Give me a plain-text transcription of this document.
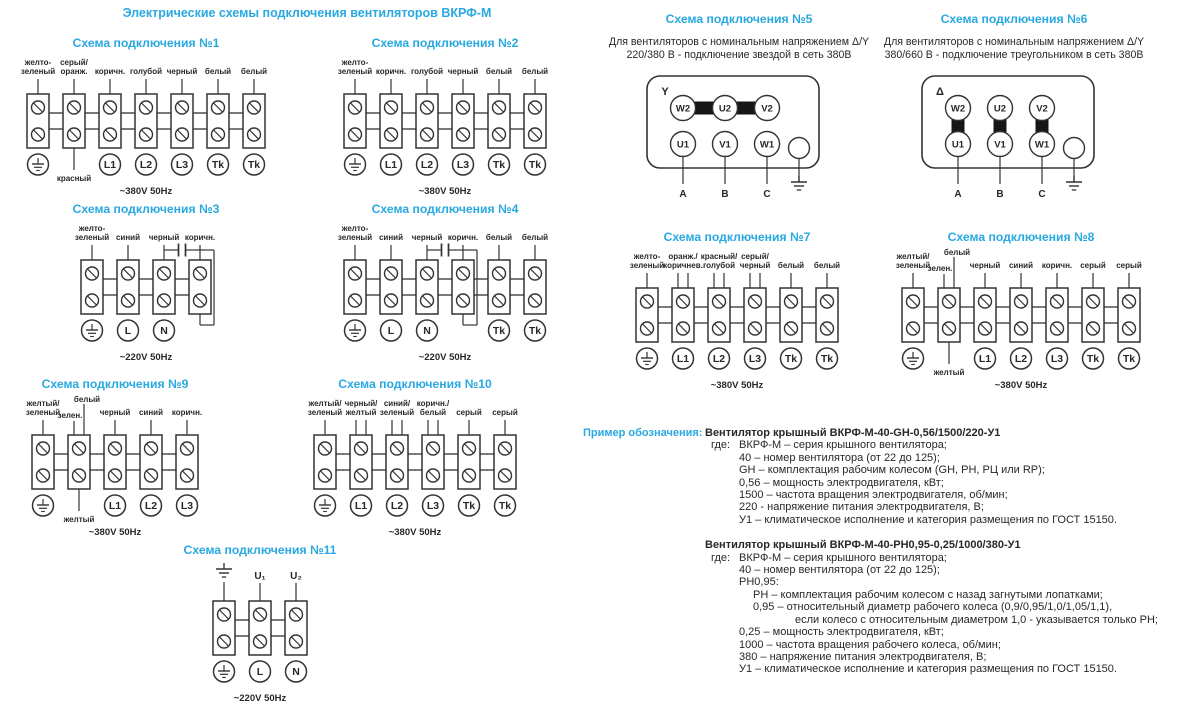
Электрические схемы подключения вентиляторов ВКРФ-М
Схема подключения №1
желто-
зеленый
серый/
оранж.
красный
коричн.
L1
голубой
L2
черный
L3
белый
Tk
белый
Tk
~380V 50Hz
Схема подключения №2
желто-
зеленый коричн.
L1
голубой
L2
черный
L3
белый
Tk
белый
Tk
~380V 50Hz
Схема подключения №3
желто-
зеленый синий
L
черный
N
коричн.
~220V 50Hz
Схема подключения №4
желто-
зеленый синий
L
черный
N
коричн. белый
Tk
белый
Tk
~220V 50Hz
Схема подключения №5
Для вентиляторов с номинальным напряжением Δ/Y 220/380 В - подключение звездой в сеть 380В
Y
W2
U1
A
U2
V1
B
V2
W1
C
Схема подключения №6
Для вентиляторов с номинальным напряжением Δ/Y 380/660 В - подключение треугольником в сеть 380В
Δ
W2
U1
A
U2
V1
B
V2
W1
C
Схема подключения №7
желто-
зеленый
оранж./
коричнев.
L1
красный/
голубой
L2
серый/
черный
L3
белый
Tk
белый
Tk
~380V 50Hz
Схема подключения №8
желтый/
зеленый
белый
зелен.
желтый
черный
L1
синий
L2
коричн.
L3
серый
Tk
серый
Tk
~380V 50Hz
Схема подключения №9
желтый/
зеленый
белый
зелен.
желтый
черный
L1
синий
L2
коричн.
L3
~380V 50Hz
Схема подключения №10
желтый/
зеленый
черный/
желтый
L1
синий/
зеленый
L2
коричн./
белый
L3
серый
Tk
серый
Tk
~380V 50Hz
Схема подключения №11
U₁
L
U₂
N
~220V 50Hz
Пример обозначения: Вентилятор крышный ВКРФ-М-40-GH-0,56/1500/220-У1
где: ВКРФ-М – серия крышного вентилятора;
40 – номер вентилятора (от 22 до 125);
GH – комплектация рабочим колесом (GH, РН, РЦ или RP);
0,56 – мощность электродвигателя, кВт;
1500 – частота вращения электродвигателя, об/мин;
220 - напряжение питания электродвигателя, В;
У1 – климатическое исполнение и категория размещения по ГОСТ 15150.
Вентилятор крышный ВКРФ-М-40-РН0,95-0,25/1000/380-У1
где: ВКРФ-М – серия крышного вентилятора;
40 – номер вентилятора (от 22 до 125);
РН0,95:
РН – комплектация рабочим колесом с назад загнутыми лопатками;
0,95 – относительный диаметр рабочего колеса (0,9/0,95/1,0/1,05/1,1),
если колесо с относительным диаметром 1,0 - указывается только РН;
0,25 – мощность электродвигателя, кВт;
1000 – частота вращения рабочего колеса, об/мин;
380 – напряжение питания электродвигателя, В;
У1 – климатическое исполнение и категория размещения по ГОСТ 15150.
